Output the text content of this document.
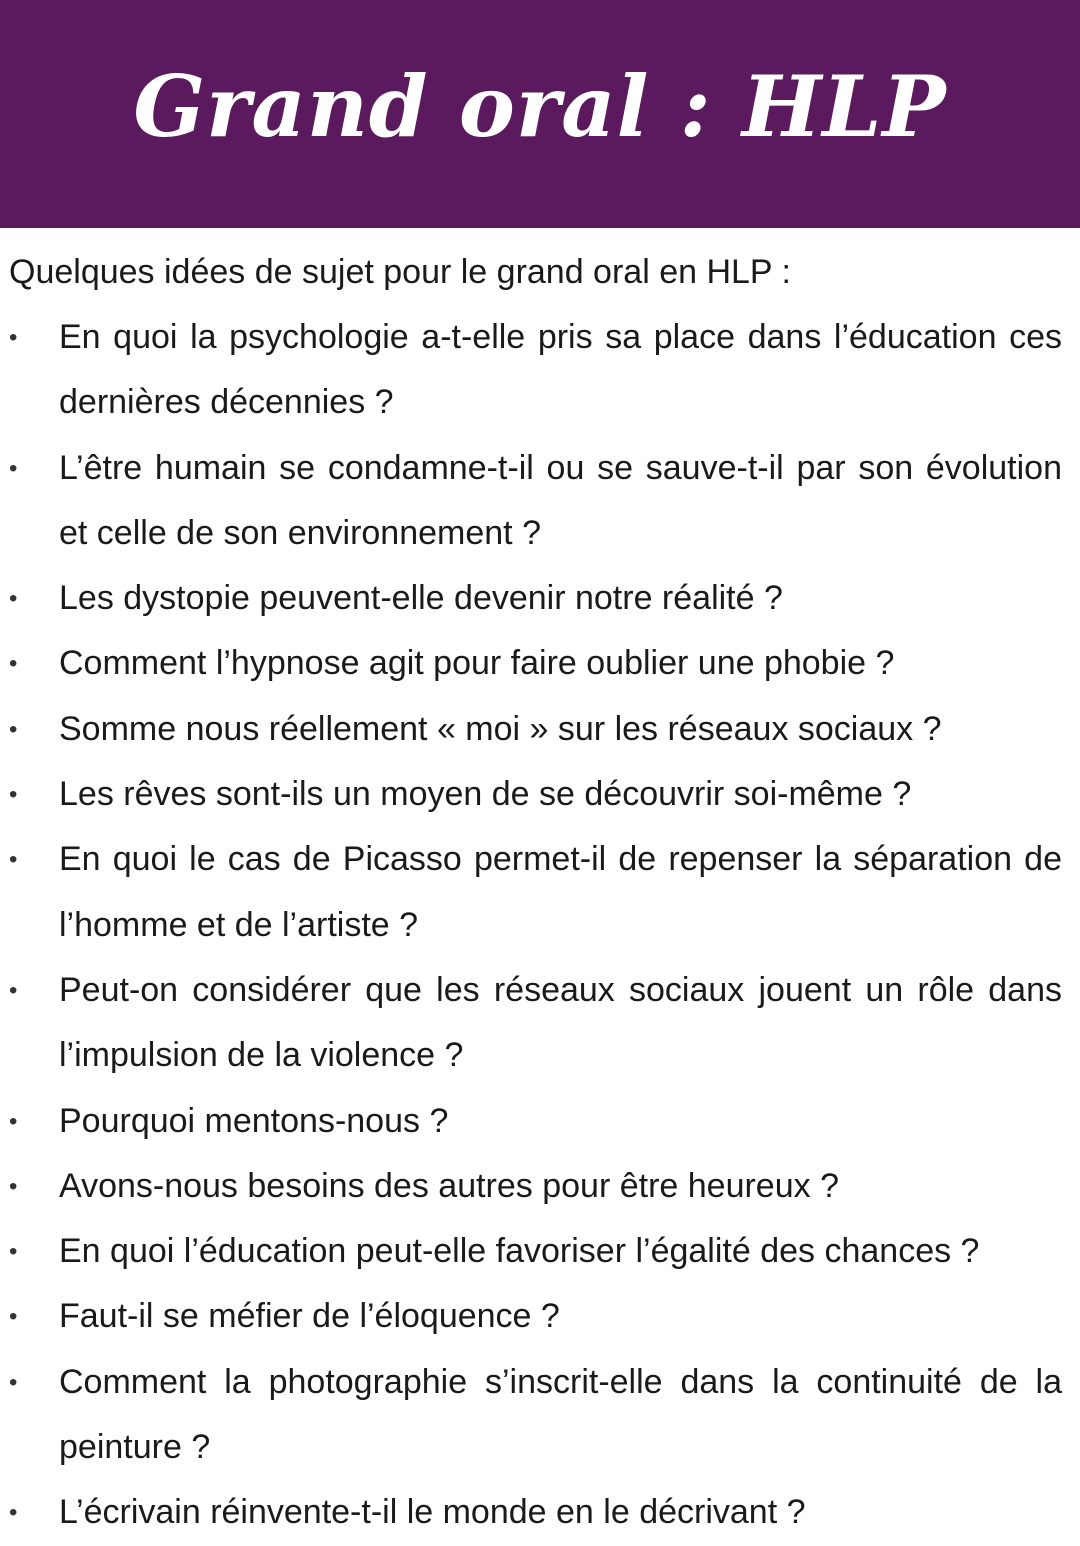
Grand oral : HLP

Quelques idées de sujet pour le grand oral en HLP :

• En quoi la psychologie a-t-elle pris sa place dans l’éducation ces dernières décennies ?
• L’être humain se condamne-t-il ou se sauve-t-il par son évolution et celle de son environnement ?
• Les dystopie peuvent-elle devenir notre réalité ?
• Comment l’hypnose agit pour faire oublier une phobie ?
• Somme nous réellement « moi » sur les réseaux sociaux ?
• Les rêves sont-ils un moyen de se découvrir soi-même ?
• En quoi le cas de Picasso permet-il de repenser la séparation de l’homme et de l’artiste ?
• Peut-on considérer que les réseaux sociaux jouent un rôle dans l’impulsion de la violence ?
• Pourquoi mentons-nous ?
• Avons-nous besoins des autres pour être heureux ?
• En quoi l’éducation peut-elle favoriser l’égalité des chances ?
• Faut-il se méfier de l’éloquence ?
• Comment la photographie s’inscrit-elle dans la continuité de la peinture ?
• L’écrivain réinvente-t-il le monde en le décrivant ?
